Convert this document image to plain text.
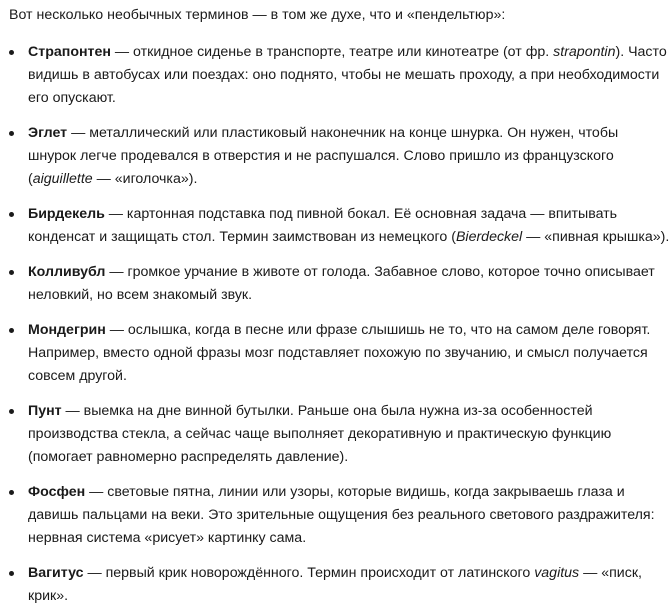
Вот несколько необычных терминов — в том же духе, что и «пендельтюр»:

Страпонтен — откидное сиденье в транспорте, театре или кинотеатре (от фр. strapontin). Часто
видишь в автобусах или поездах: оно поднято, чтобы не мешать проходу, а при необходимости
его опускают.
Эглет — металлический или пластиковый наконечник на конце шнурка. Он нужен, чтобы
шнурок легче продевался в отверстия и не распушался. Слово пришло из французского
(aiguillette — «иголочка»).
Бирдекель — картонная подставка под пивной бокал. Её основная задача — впитывать
конденсат и защищать стол. Термин заимствован из немецкого (Bierdeckel — «пивная крышка»).
Колливубл — громкое урчание в животе от голода. Забавное слово, которое точно описывает
неловкий, но всем знакомый звук.
Мондегрин — ослышка, когда в песне или фразе слышишь не то, что на самом деле говорят.
Например, вместо одной фразы мозг подставляет похожую по звучанию, и смысл получается
совсем другой.
Пунт — выемка на дне винной бутылки. Раньше она была нужна из-за особенностей
производства стекла, а сейчас чаще выполняет декоративную и практическую функцию
(помогает равномерно распределять давление).
Фосфен — световые пятна, линии или узоры, которые видишь, когда закрываешь глаза и
давишь пальцами на веки. Это зрительные ощущения без реального светового раздражителя:
нервная система «рисует» картинку сама.
Вагитус — первый крик новорождённого. Термин происходит от латинского vagitus — «писк,
крик».
